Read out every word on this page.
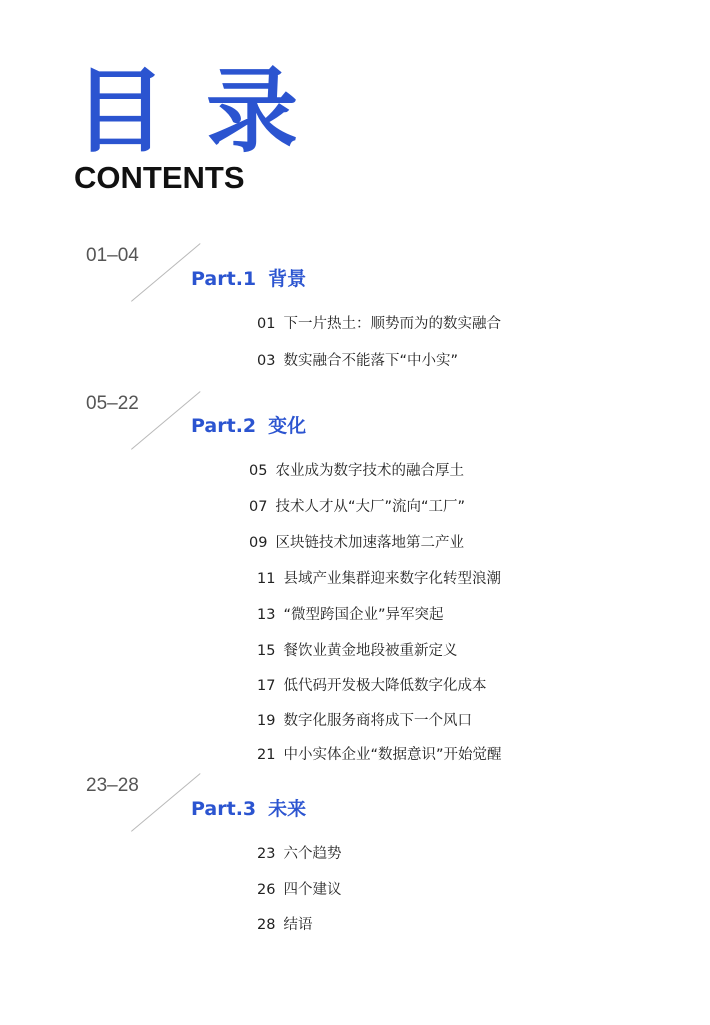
目录
CONTENTS
01–04
Part.1 背景
01 下一片热土：顺势而为的数实融合
03 数实融合不能落下“中小实”
05–22
Part.2 变化
05 农业成为数字技术的融合厚土
07 技术人才从“大厂”流向“工厂”
09 区块链技术加速落地第二产业
11 县域产业集群迎来数字化转型浪潮
13 “微型跨国企业”异军突起
15 餐饮业黄金地段被重新定义
17 低代码开发极大降低数字化成本
19 数字化服务商将成下一个风口
21 中小实体企业“数据意识”开始觉醒
23–28
Part.3 未来
23 六个趋势
26 四个建议
28 结语
